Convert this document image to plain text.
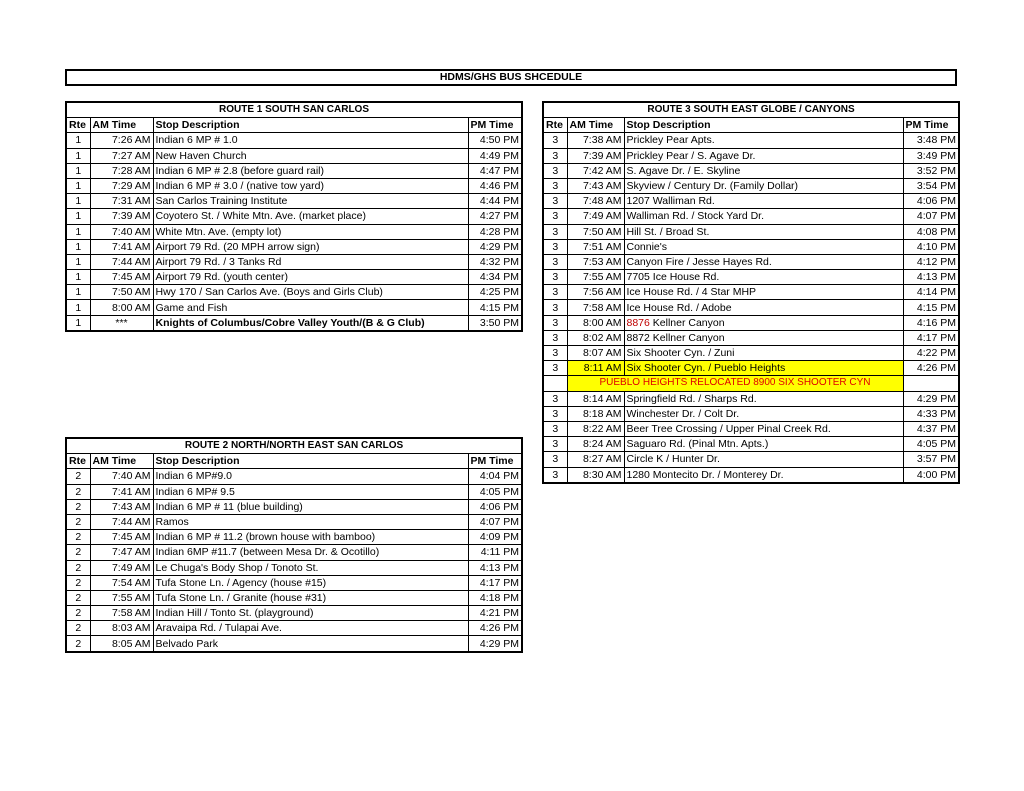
HDMS/GHS BUS SHCEDULE
ROUTE 1 SOUTH SAN CARLOS			
Rte	AM Time	Stop Description	PM Time
1	7:26 AM	Indian 6 MP # 1.0	4:50 PM
1	7:27 AM	New Haven Church	4:49 PM
1	7:28 AM	Indian 6 MP # 2.8 (before guard rail)	4:47 PM
1	7:29 AM	Indian 6 MP # 3.0 / (native tow yard)	4:46 PM
1	7:31 AM	San Carlos Training Institute	4:44 PM
1	7:39 AM	Coyotero St. / White Mtn. Ave. (market place)	4:27 PM
1	7:40 AM	White Mtn. Ave. (empty lot)	4:28 PM
1	7:41 AM	Airport 79 Rd. (20 MPH arrow sign)	4:29 PM
1	7:44 AM	Airport 79 Rd. / 3 Tanks Rd	4:32 PM
1	7:45 AM	Airport 79 Rd. (youth center)	4:34 PM
1	7:50 AM	Hwy 170 / San Carlos Ave. (Boys and Girls Club)	4:25 PM
1	8:00 AM	Game and Fish	4:15 PM
1	***	Knights of Columbus/Cobre Valley Youth/(B & G Club)	3:50 PM
ROUTE 2 NORTH/NORTH EAST SAN CARLOS			
Rte	AM Time	Stop Description	PM Time
2	7:40 AM	Indian 6 MP#9.0	4:04 PM
2	7:41 AM	Indian 6 MP# 9.5	4:05 PM
2	7:43 AM	Indian 6 MP # 11 (blue building)	4:06 PM
2	7:44 AM	Ramos	4:07 PM
2	7:45 AM	Indian 6 MP # 11.2 (brown house with bamboo)	4:09 PM
2	7:47 AM	Indian 6MP #11.7 (between Mesa Dr. & Ocotillo)	4:11 PM
2	7:49 AM	Le Chuga's Body Shop / Tonoto St.	4:13 PM
2	7:54 AM	Tufa Stone Ln. / Agency (house #15)	4:17 PM
2	7:55 AM	Tufa Stone Ln. / Granite (house #31)	4:18 PM
2	7:58 AM	Indian Hill / Tonto St. (playground)	4:21 PM
2	8:03 AM	Aravaipa Rd. / Tulapai Ave.	4:26 PM
2	8:05 AM	Belvado Park	4:29 PM
ROUTE 3 SOUTH EAST GLOBE / CANYONS			
Rte	AM Time	Stop Description	PM Time
3	7:38 AM	Prickley Pear Apts.	3:48 PM
3	7:39 AM	Prickley Pear / S. Agave Dr.	3:49 PM
3	7:42 AM	S. Agave Dr. / E. Skyline	3:52 PM
3	7:43 AM	Skyview / Century Dr. (Family Dollar)	3:54 PM
3	7:48 AM	1207 Walliman Rd.	4:06 PM
3	7:49 AM	Walliman Rd. / Stock Yard Dr.	4:07 PM
3	7:50 AM	Hill St. / Broad St.	4:08 PM
3	7:51 AM	Connie's	4:10 PM
3	7:53 AM	Canyon Fire / Jesse Hayes Rd.	4:12 PM
3	7:55 AM	7705 Ice House Rd.	4:13 PM
3	7:56 AM	Ice House Rd. / 4 Star MHP	4:14 PM
3	7:58 AM	Ice House Rd. / Adobe	4:15 PM
3	8:00 AM	8876 Kellner Canyon	4:16 PM
3	8:02 AM	8872 Kellner Canyon	4:17 PM
3	8:07 AM	Six Shooter Cyn. / Zuni	4:22 PM
3	8:11 AM	Six Shooter Cyn. / Pueblo Heights	4:26 PM
	PUEBLO HEIGHTS RELOCATED 8900 SIX SHOOTER CYN		
3	8:14 AM	Springfield Rd. / Sharps Rd.	4:29 PM
3	8:18 AM	Winchester Dr. / Colt Dr.	4:33 PM
3	8:22 AM	Beer Tree Crossing / Upper Pinal Creek Rd.	4:37 PM
3	8:24 AM	Saguaro Rd. (Pinal Mtn. Apts.)	4:05 PM
3	8:27 AM	Circle K / Hunter Dr.	3:57 PM
3	8:30 AM	1280 Montecito Dr. / Monterey Dr.	4:00 PM
